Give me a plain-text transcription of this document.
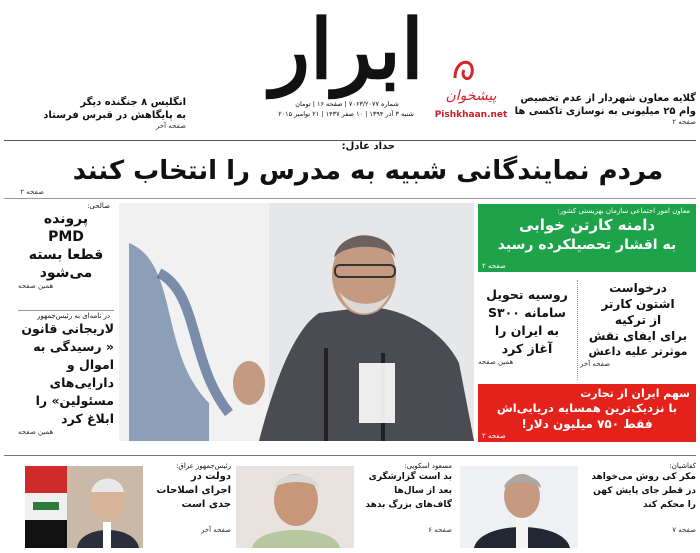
گلایه معاون شهردار از عدم تخصیص
وام ۲۵ میلیونی به نوسازی تاکسی ها
صفحه ۲
پیشخوان
Pishkhaan.net
ابرار
شماره ۷۰۶۳/۲۰۷۷ | صفحه ۱۶ | تومان
شنبه ۳ آذر ۱۳۹۴ | ۱۰ صفر ۱۴۳۷ | ۲۱ نوامبر ۲۰۱۵
انگلیس ۸ جنگنده دیگر
به پایگاهش در قبرس فرستاد
صفحه آخر
حداد عادل:
مردم نمایندگانی شبیه به مدرس را انتخاب کنند
صفحه ۲
صالحی:
پرونده
PMD
قطعا بسته
می‌شود
همین صفحه
در نامه‌ای به رئیس‌جمهور
لاریجانی قانون
« رسیدگی به
اموال و
دارایی‌های
مسئولین» را
ابلاغ کرد
همین صفحه
معاون امور اجتماعی سازمان بهزیستی کشور:
دامنه کارتن خوابی
به اقشار تحصیلکرده رسید
صفحه ۲
درخواست
اشتون کارتر
از ترکیه
برای ایفای نقش
موثرتر علیه داعش
صفحه آخر
روسیه تحویل
سامانه S۳۰۰
به ایران را
آغاز کرد
همین صفحه
سهم ایران از تجارت
با نزدیک‌ترین همسایه دریایی‌اش
فقط ۷۵۰ میلیون دلار!
صفحه ۲
رئیس‌جمهور عراق:
دولت در
اجرای اصلاحات
جدی است
صفحه آخر
مسعود اسکویی:
بد است گزارشگری
بعد از سال‌ها
گاف‌های بزرگ بدهد
صفحه ۶
کفاشیان:
مکر کی روش می‌خواهد
در قطر جای پایش کهن
را محکم کند
صفحه ۷
